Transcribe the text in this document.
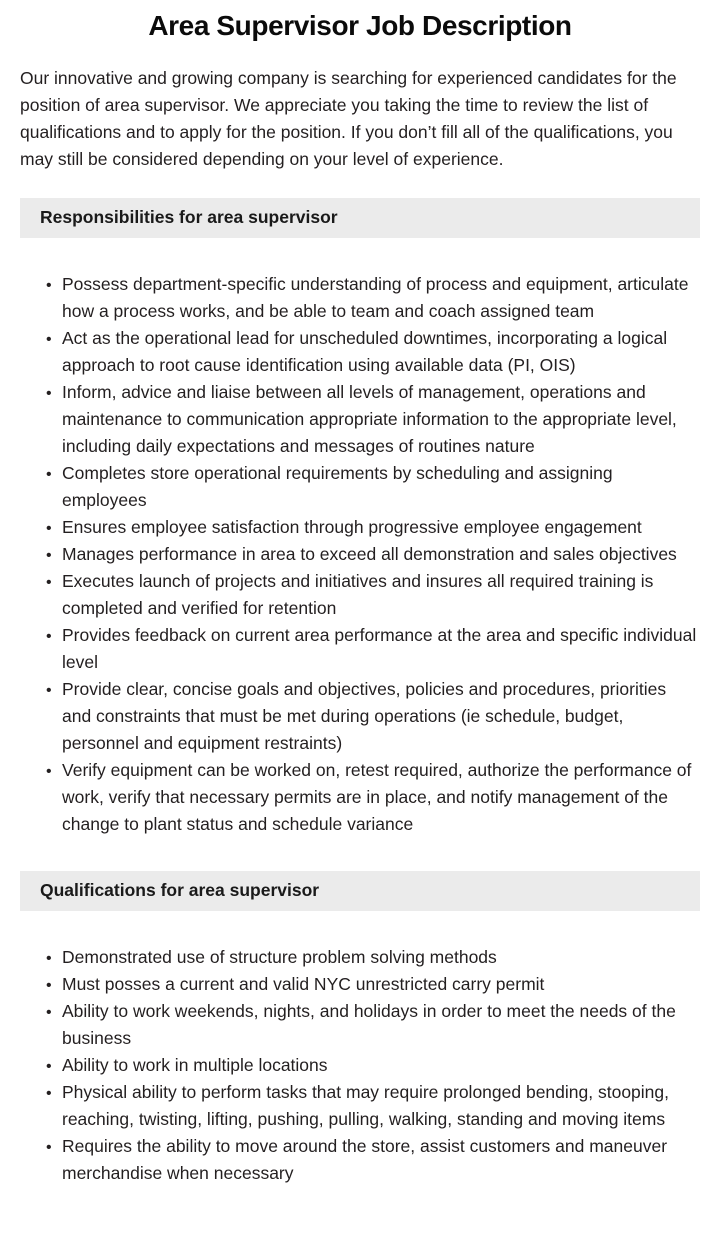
Area Supervisor Job Description

Our innovative and growing company is searching for experienced candidates for the position of area supervisor. We appreciate you taking the time to review the list of qualifications and to apply for the position. If you don’t fill all of the qualifications, you may still be considered depending on your level of experience.

Responsibilities for area supervisor
•
Possess department-specific understanding of process and equipment, articulate how a process works, and be able to team and coach assigned team
•
Act as the operational lead for unscheduled downtimes, incorporating a logical approach to root cause identification using available data (PI, OIS)
•
Inform, advice and liaise between all levels of management, operations and maintenance to communication appropriate information to the appropriate level, including daily expectations and messages of routines nature
•
Completes store operational requirements by scheduling and assigning employees
•
Ensures employee satisfaction through progressive employee engagement
•
Manages performance in area to exceed all demonstration and sales objectives
•
Executes launch of projects and initiatives and insures all required training is completed and verified for retention
•
Provides feedback on current area performance at the area and specific individual level
•
Provide clear, concise goals and objectives, policies and procedures, priorities and constraints that must be met during operations (ie schedule, budget, personnel and equipment restraints)
•
Verify equipment can be worked on, retest required, authorize the performance of work, verify that necessary permits are in place, and notify management of the change to plant status and schedule variance
Qualifications for area supervisor
•
Demonstrated use of structure problem solving methods
•
Must posses a current and valid NYC unrestricted carry permit
•
Ability to work weekends, nights, and holidays in order to meet the needs of the business
•
Ability to work in multiple locations
•
Physical ability to perform tasks that may require prolonged bending, stooping, reaching, twisting, lifting, pushing, pulling, walking, standing and moving items
•
Requires the ability to move around the store, assist customers and maneuver merchandise when necessary
